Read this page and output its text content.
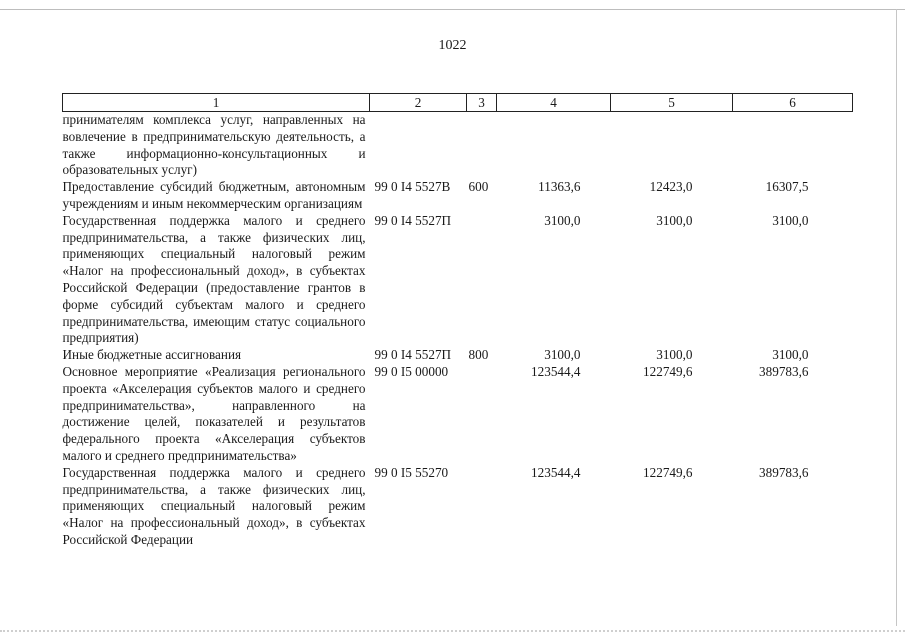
1022
1	2	3	4	5	6
принимателям комплекса услуг, направленных на вовлечение в предпринимательскую деятельность, а также информационно-консультационных и образовательных услуг)					
Предоставление субсидий бюджетным, автономным учреждениям и иным некоммерческим организациям	99 0 I4 5527В	600	11363,6	12423,0	16307,5
Государственная поддержка малого и среднего предпринимательства, а также физических лиц, применяющих специальный налоговый режим «Налог на профессиональный доход», в субъектах Российской Федерации (предоставление грантов в форме субсидий субъектам малого и среднего предпринимательства, имеющим статус социального предприятия)	99 0 I4 5527П		3100,0	3100,0	3100,0
Иные бюджетные ассигнования	99 0 I4 5527П	800	3100,0	3100,0	3100,0
Основное мероприятие «Реализация регионального проекта «Акселерация субъектов малого и среднего предпринимательства», направленного на достижение целей, показателей и результатов федерального проекта «Акселерация субъектов малого и среднего предпринимательства»	99 0 I5 00000		123544,4	122749,6	389783,6
Государственная поддержка малого и среднего предпринимательства, а также физических лиц, применяющих специальный налоговый режим «Налог на профессиональный доход», в субъектах Российской Федерации	99 0 I5 55270		123544,4	122749,6	389783,6
